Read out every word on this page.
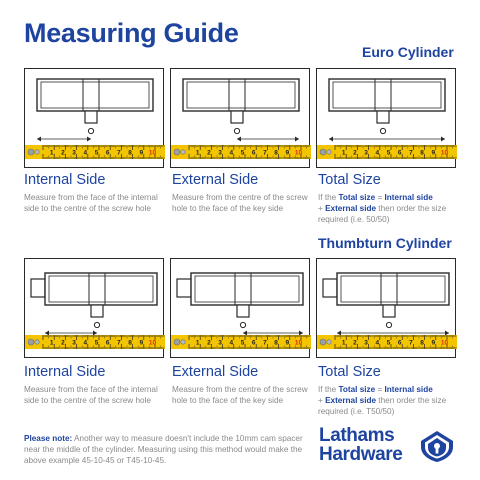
Measuring Guide
Euro Cylinder
1 2 3 4 5 6 7 8 9 10	1 2 3 4 5 6 7 8 9 10	1 2 3 4 5 6 7 8 9 10
Internal Side
Measure from the face of the internal side to the centre of the screw hole
External Side
Measure from the centre of the screw hole to the face of the key side
Total Size
If the Total size = Internal side
+ External side then order the size required (i.e. 50/50)
Thumbturn Cylinder
1 2 3 4 5 6 7 8 9 10	1 2 3 4 5 6 7 8 9 10	1 2 3 4 5 6 7 8 9 10
Internal Side
Measure from the face of the internal side to the centre of the screw hole
External Side
Measure from the centre of the screw hole to the face of the key side
Total Size
If the Total size = Internal side
+ External side then order the size required (i.e. T50/50)
Please note: Another way to measure doesn't include the 10mm cam spacer near the middle of the cylinder. Measuring using this method would make the above example 45-10-45 or T45-10-45.
Lathams
Hardware
